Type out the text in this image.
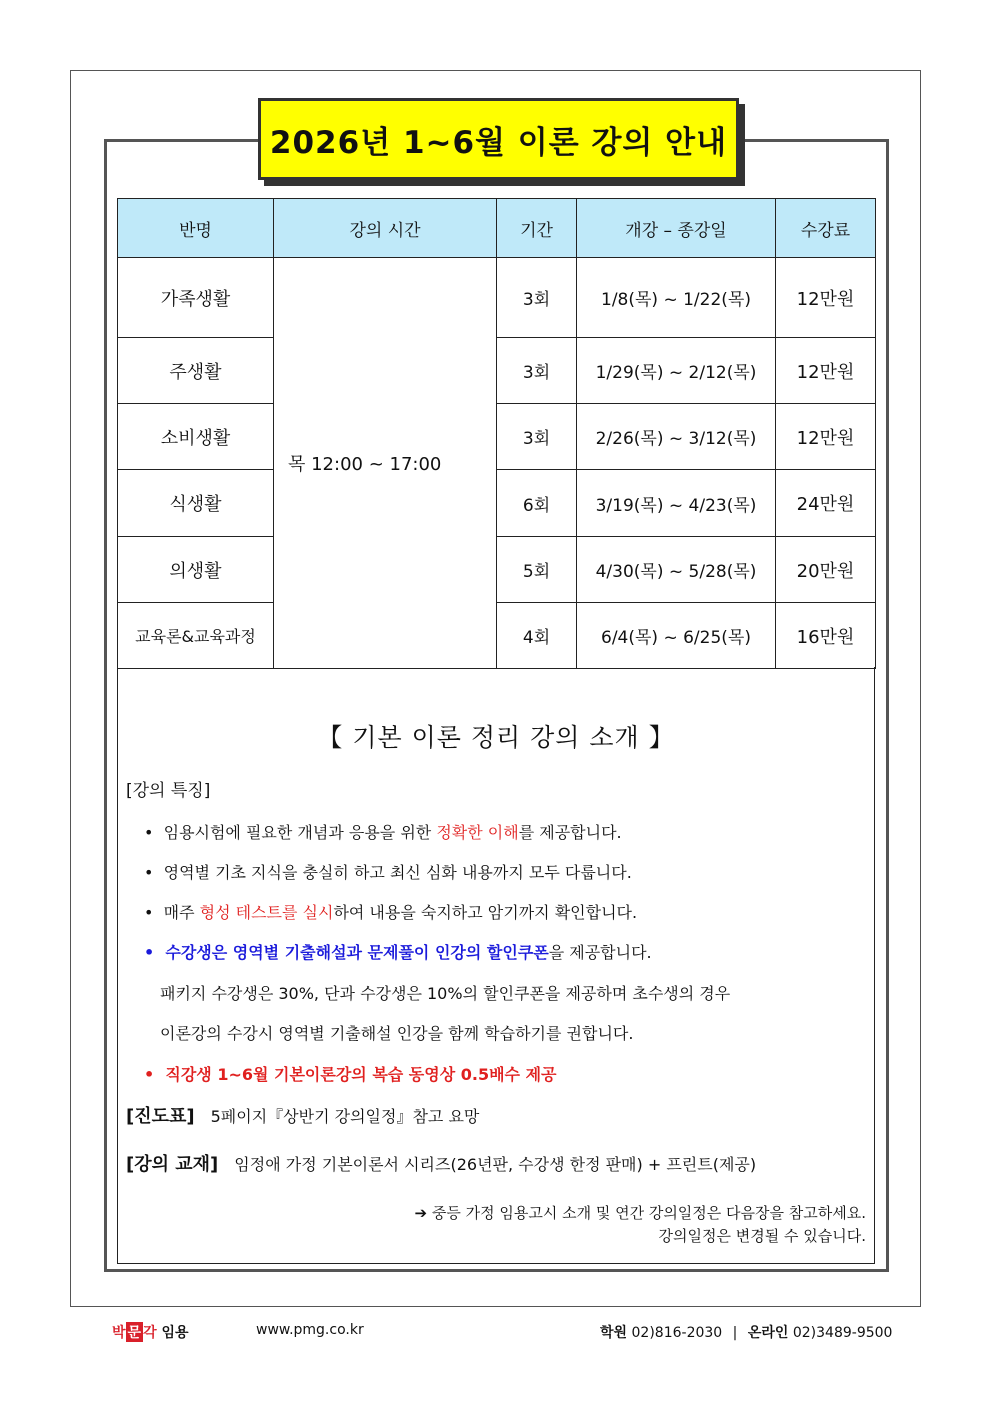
2026년 1~6월 이론 강의 안내
반명	강의 시간	기간	개강 – 종강일	수강료
가족생활	목 12:00 ~ 17:00	3회	1/8(목) ~ 1/22(목)	12만원
주생활		3회	1/29(목) ~ 2/12(목)	12만원
소비생활		3회	2/26(목) ~ 3/12(목)	12만원
식생활		6회	3/19(목) ~ 4/23(목)	24만원
의생활		5회	4/30(목) ~ 5/28(목)	20만원
교육론&교육과정		4회	6/4(목) ~ 6/25(목)	16만원
【 기본 이론 정리 강의 소개 】
[강의 특징]
•  임용시험에 필요한 개념과 응용을 위한 정확한 이해를 제공합니다.
•  영역별 기초 지식을 충실히 하고 최신 심화 내용까지 모두 다룹니다.
•  매주 형성 테스트를 실시하여 내용을 숙지하고 암기까지 확인합니다.
•  수강생은 영역별 기출해설과 문제풀이 인강의 할인쿠폰을 제공합니다.
패키지 수강생은 30%, 단과 수강생은 10%의 할인쿠폰을 제공하며 초수생의 경우
이론강의 수강시 영역별 기출해설 인강을 함께 학습하기를 권합니다.
•  직강생 1~6월 기본이론강의 복습 동영상 0.5배수 제공
[진도표] 5페이지『상반기 강의일정』참고 요망
[강의 교재] 임정애 가정 기본이론서 시리즈(26년판, 수강생 한정 판매) + 프린트(제공)
➔ 중등 가정 임용고시 소개 및 연간 강의일정은 다음장을 참고하세요.
강의일정은 변경될 수 있습니다.
박 문 각 임용	www.pmg.co.kr	학원 02)816-2030 | 온라인 02)3489-9500
